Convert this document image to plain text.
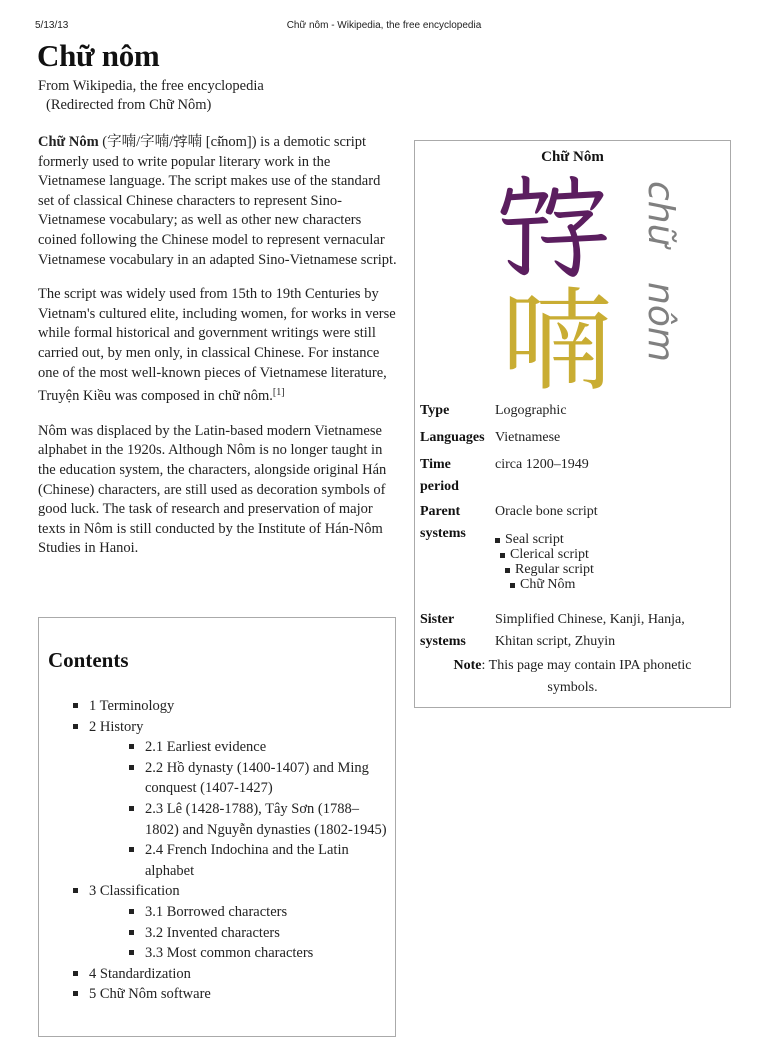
5/13/13	Chữ nôm - Wikipedia, the free encyclopedia
Chữ nôm
From Wikipedia, the free encyclopedia
(Redirected from Chữ Nôm)

Chữ Nôm (字喃/字喃/𡨸喃 [cɨ̌nom]) is a demotic script formerly used to write popular literary work in the Vietnamese language. The script makes use of the standard set of classical Chinese characters to represent Sino-Vietnamese vocabulary; as well as other new characters coined following the Chinese model to represent vernacular Vietnamese vocabulary in an adapted Sino-Vietnamese script.

The script was widely used from 15th to 19th Centuries by Vietnam's cultured elite, including women, for works in verse while formal historical and government writings were still carried out, by men only, in classical Chinese. For instance one of the most well-known pieces of Vietnamese literature, Truyện Kiều was composed in chữ nôm.[1]

Nôm was displaced by the Latin-based modern Vietnamese alphabet in the 1920s. Although Nôm is no longer taught in the education system, the characters, alongside original Hán (Chinese) characters, are still used as decoration symbols of good luck. The task of research and preservation of major texts in Nôm is still conducted by the Institute of Hán-Nôm Studies in Hanoi.

Chữ Nôm
𡨸
喃
chữnôm
Type	Logographic
Languages Vietnamese
Time
period
circa 1200–1949
Parent
systems
Oracle bone script
Seal script
Clerical script
Regular script
Chữ Nôm
Sister
systems
Simplified Chinese, Kanji, Hanja, Khitan script, Zhuyin
Note: This page may contain IPA phonetic symbols.
Contents
1 Terminology
2 History
2.1 Earliest evidence
2.2 Hồ dynasty (1400-1407) and Ming conquest (1407-1427)
2.3 Lê (1428-1788), Tây Sơn (1788–1802) and Nguyễn dynasties (1802-1945)
2.4 French Indochina and the Latin alphabet
3 Classification
3.1 Borrowed characters
3.2 Invented characters
3.3 Most common characters
4 Standardization
5 Chữ Nôm software
